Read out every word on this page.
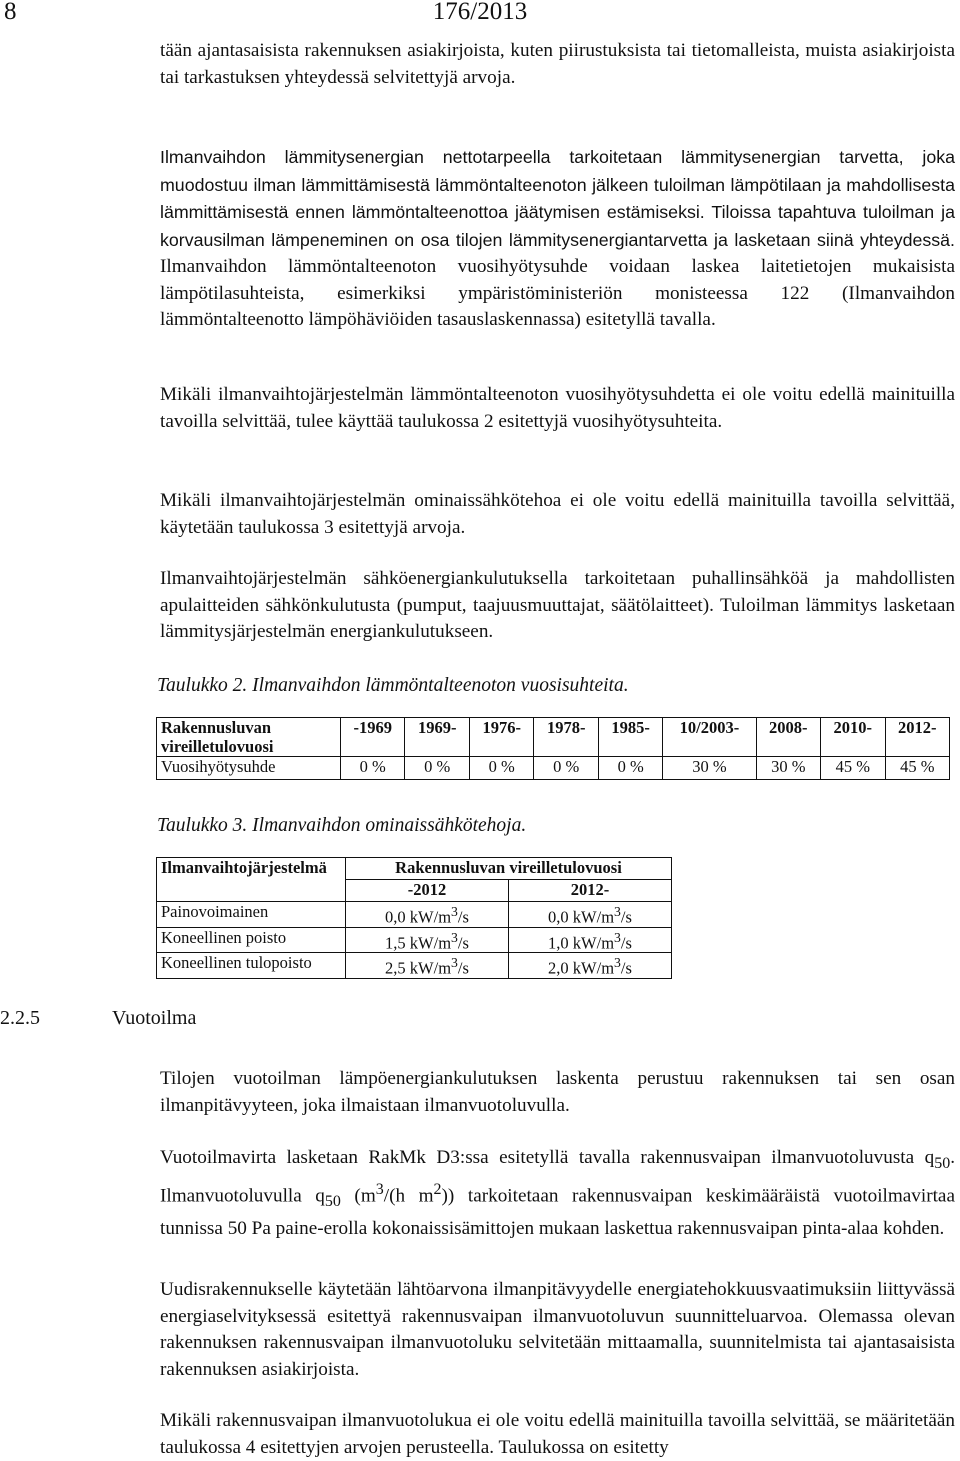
8	176/2013

tään ajantasaisista rakennuksen asiakirjoista, kuten piirustuksista tai tietomalleista, muista asiakirjoista tai tarkastuksen yhteydessä selvitettyjä arvoja.

Ilmanvaihdon lämmitysenergian nettotarpeella tarkoitetaan lämmitysenergian tarvetta, joka muodostuu ilman lämmittämisestä lämmöntalteenoton jälkeen tuloilman lämpötilaan ja mahdollisesta lämmittämisestä ennen lämmöntalteenottoa jäätymisen estämiseksi. Tiloissa tapahtuva tuloilman ja korvausilman lämpeneminen on osa tilojen lämmitysenergiantarvetta ja lasketaan siinä yhteydessä. Ilmanvaihdon lämmöntalteenoton vuosihyötysuhde voidaan laskea laitetietojen mukaisista lämpötilasuhteista, esimerkiksi ympäristöministeriön monisteessa 122 (Ilmanvaihdon lämmöntalteenotto lämpöhäviöiden tasauslaskennassa) esitetyllä tavalla.

Mikäli ilmanvaihtojärjestelmän lämmöntalteenoton vuosihyötysuhdetta ei ole voitu edellä mainituilla tavoilla selvittää, tulee käyttää taulukossa 2 esitettyjä vuosihyötysuhteita.

Mikäli ilmanvaihtojärjestelmän ominaissähkötehoa ei ole voitu edellä mainituilla tavoilla selvittää, käytetään taulukossa 3 esitettyjä arvoja.

Ilmanvaihtojärjestelmän sähköenergiankulutuksella tarkoitetaan puhallinsähköä ja mahdollisten apulaitteiden sähkönkulutusta (pumput, taajuusmuuttajat, säätölaitteet). Tuloilman lämmitys lasketaan lämmitysjärjestelmän energiankulutukseen.

Taulukko 2. Ilmanvaihdon lämmöntalteenoton vuosisuhteita.
Rakennusluvan vireilletulovuosi	-1969	1969-	1976-	1978-	1985-	10/2003-	2008-	2010-	2012-
Vuosihyötysuhde	0 %	0 %	0 %	0 %	0 %	30 %	30 %	45 %	45 %
Taulukko 3. Ilmanvaihdon ominaissähkötehoja.
Ilmanvaihtojärjestelmä	Rakennusluvan vireilletulovuosi	
	-2012	2012-
Painovoimainen	0,0 $kW/m^3/s$	0,0 $kW/m^3/s$
Koneellinen poisto	1,5 $kW/m^3/s$	1,0 $kW/m^3/s$
Koneellinen tulopoisto	2,5 $kW/m^3/s$	2,0 $kW/m^3/s$
2.2.5	Vuotoilma

Tilojen vuotoilman lämpöenergiankulutuksen laskenta perustuu rakennuksen tai sen osan ilmanpitävyyteen, joka ilmaistaan ilmanvuotoluvulla.

Vuotoilmavirta lasketaan RakMk D3:ssa esitetyllä tavalla rakennusvaipan ilmanvuotoluvusta $q_{50}$. Ilmanvuotoluvulla $q_{50}$ ($m^3/(h$ $m^2$)) tarkoitetaan rakennusvaipan keskimääräistä vuotoilmavirtaa tunnissa 50 Pa paine-erolla kokonaissisämittojen mukaan laskettua rakennusvaipan pinta-alaa kohden.

Uudisrakennukselle käytetään lähtöarvona ilmanpitävyydelle energiatehokkuusvaatimuksiin liittyvässä energiaselvityksessä esitettyä rakennusvaipan ilmanvuotoluvun suunnitteluarvoa. Olemassa olevan rakennuksen rakennusvaipan ilmanvuotoluku selvitetään mittaamalla, suunnitelmista tai ajantasaisista rakennuksen asiakirjoista.

Mikäli rakennusvaipan ilmanvuotolukua ei ole voitu edellä mainituilla tavoilla selvittää, se määritetään taulukossa 4 esitettyjen arvojen perusteella. Taulukossa on esitetty
